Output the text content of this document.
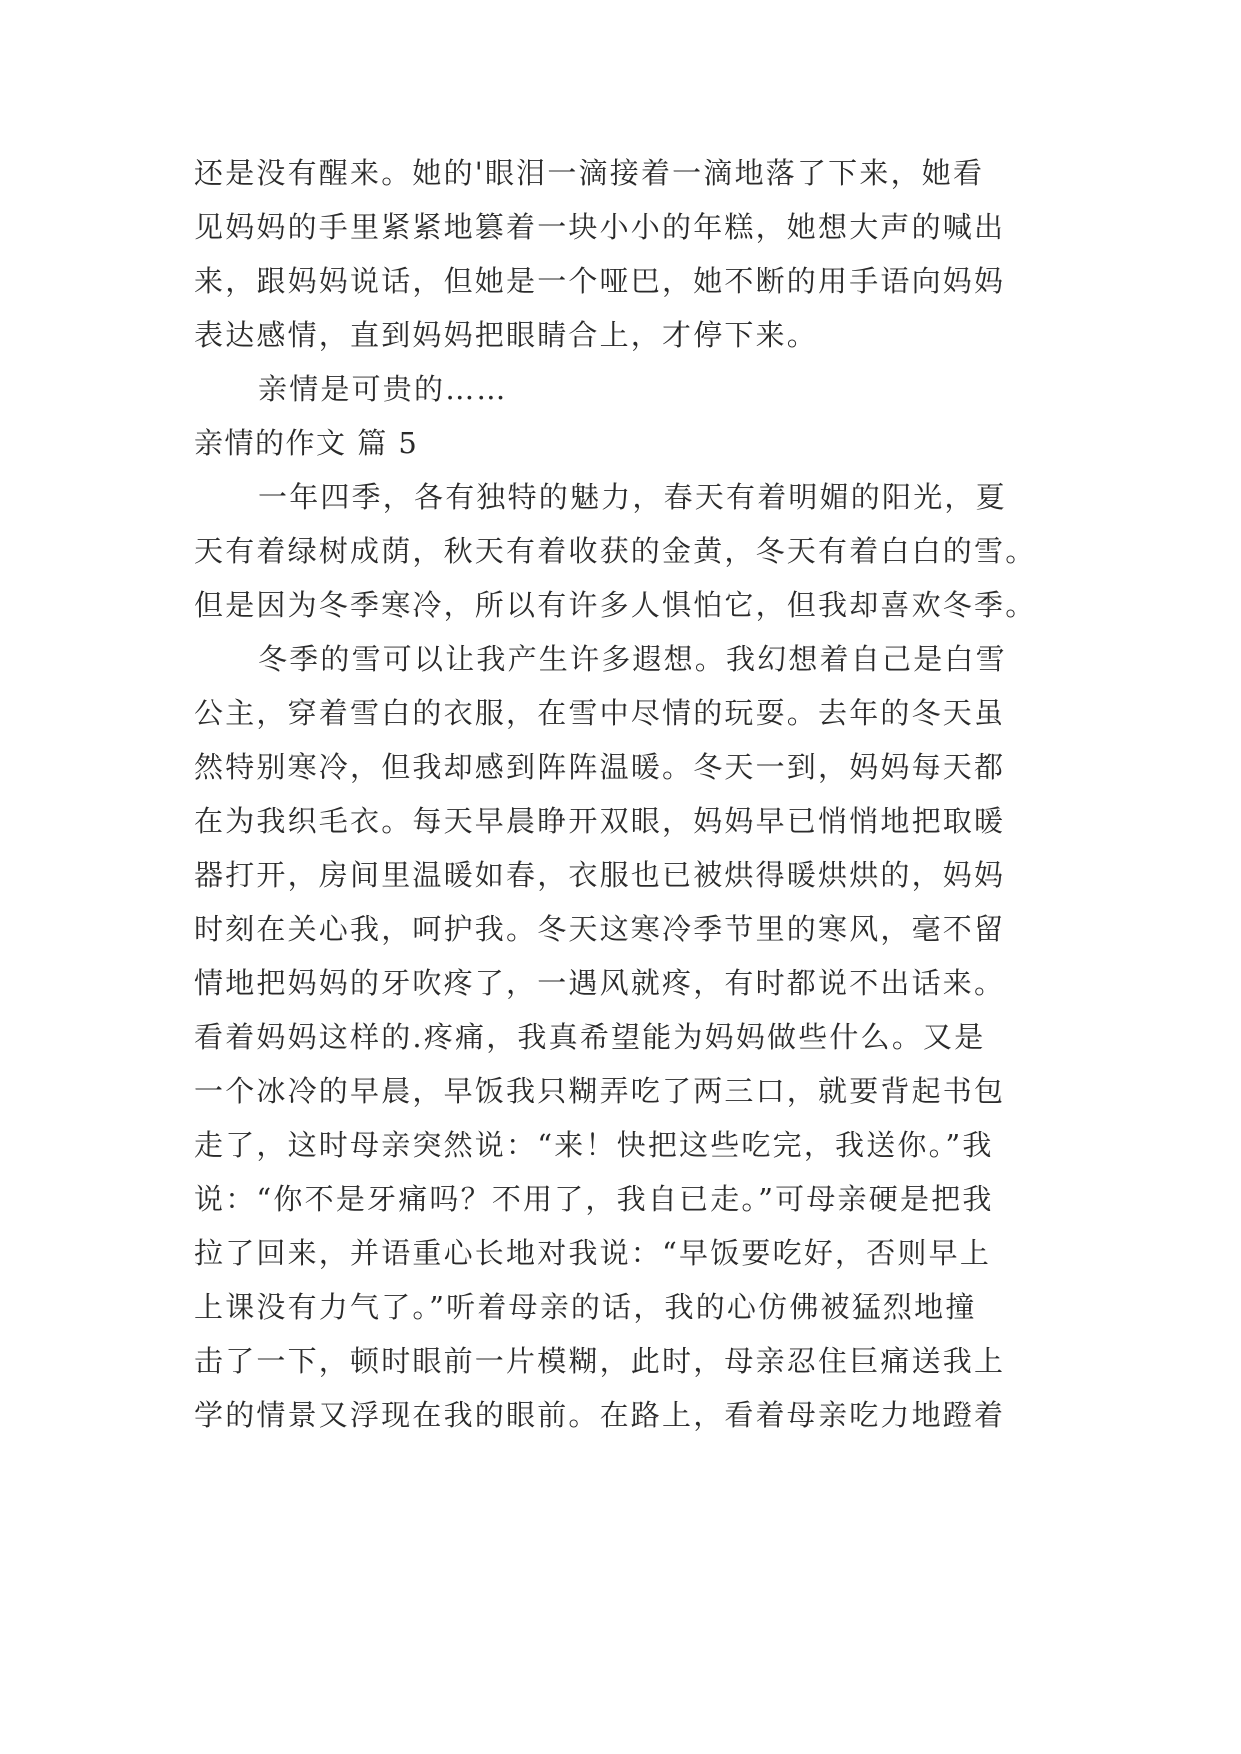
还是没有醒来。她的'眼泪一滴接着一滴地落了下来，她看

见妈妈的手里紧紧地篡着一块小小的年糕，她想大声的喊出

来，跟妈妈说话，但她是一个哑巴，她不断的用手语向妈妈

表达感情，直到妈妈把眼睛合上，才停下来。

亲情是可贵的……

亲情的作文 篇 5

一年四季，各有独特的魅力，春天有着明媚的阳光，夏

天有着绿树成荫，秋天有着收获的金黄，冬天有着白白的雪。

但是因为冬季寒冷，所以有许多人惧怕它，但我却喜欢冬季。

冬季的雪可以让我产生许多遐想。我幻想着自己是白雪

公主，穿着雪白的衣服，在雪中尽情的玩耍。去年的冬天虽

然特别寒冷，但我却感到阵阵温暖。冬天一到，妈妈每天都

在为我织毛衣。每天早晨睁开双眼，妈妈早已悄悄地把取暖

器打开，房间里温暖如春，衣服也已被烘得暖烘烘的，妈妈

时刻在关心我，呵护我。冬天这寒冷季节里的寒风，毫不留

情地把妈妈的牙吹疼了，一遇风就疼，有时都说不出话来。

看着妈妈这样的.疼痛，我真希望能为妈妈做些什么。又是

一个冰冷的早晨，早饭我只糊弄吃了两三口，就要背起书包

走了，这时母亲突然说：“来！快把这些吃完，我送你。”我

说：“你不是牙痛吗？不用了，我自已走。”可母亲硬是把我

拉了回来，并语重心长地对我说：“早饭要吃好，否则早上

上课没有力气了。”听着母亲的话，我的心仿佛被猛烈地撞

击了一下，顿时眼前一片模糊，此时，母亲忍住巨痛送我上

学的情景又浮现在我的眼前。在路上，看着母亲吃力地蹬着
